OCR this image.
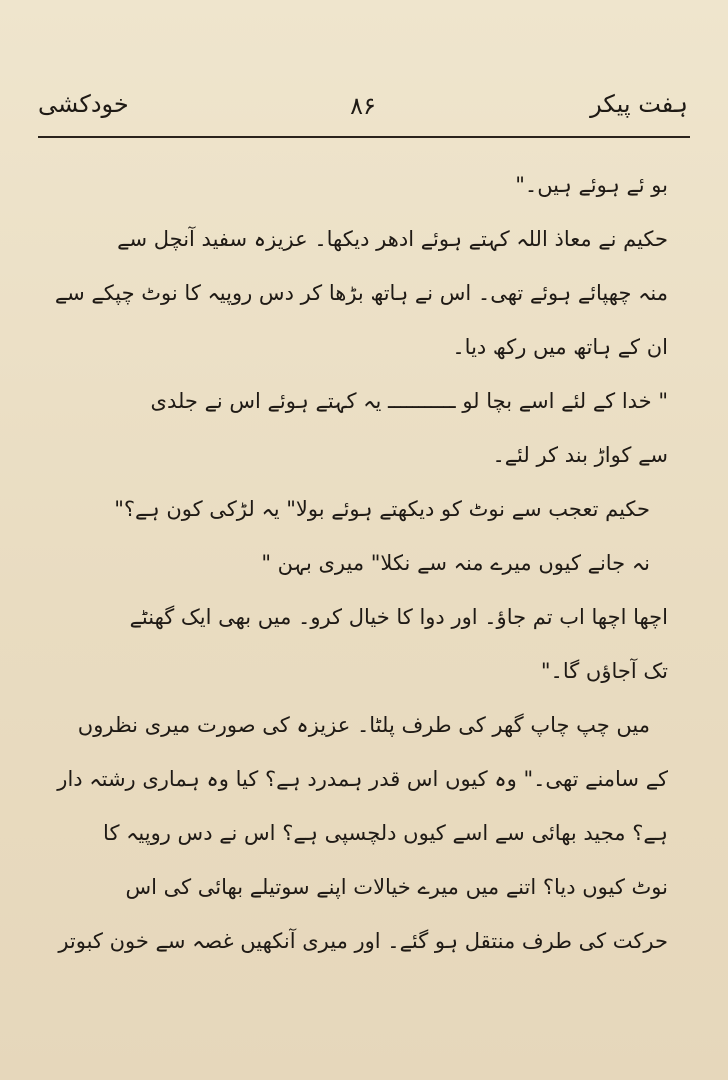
خودکشی	۸۶	ہفت پیکر
بو ئے ہوئے ہیں۔"
حکیم نے معاذ اللہ کہتے ہوئے ادھر دیکھا۔ عزیزہ سفید آنچل سے
منہ چھپائے ہوئے تھی۔ اس نے ہاتھ بڑھا کر دس روپیہ کا نوٹ چپکے سے
ان کے ہاتھ میں رکھ دیا۔
" خدا کے لئے اسے بچا لو ـــــــــــ یہ کہتے ہوئے اس نے جلدی
سے کواڑ بند کر لئے۔
حکیم تعجب سے نوٹ کو دیکھتے ہوئے بولا" یہ لڑکی کون ہے؟"
نہ جانے کیوں میرے منہ سے نکلا" میری بہن "
اچھا اچھا اب تم جاؤ۔ اور دوا کا خیال کرو۔ میں بھی ایک گھنٹے
تک آجاؤں گا۔"
میں چپ چاپ گھر کی طرف پلٹا۔ عزیزہ کی صورت میری نظروں
کے سامنے تھی۔" وہ کیوں اس قدر ہمدرد ہے؟ کیا وہ ہماری رشتہ دار
ہے؟ مجید بھائی سے اسے کیوں دلچسپی ہے؟ اس نے دس روپیہ کا
نوٹ کیوں دیا؟ اتنے میں میرے خیالات اپنے سوتیلے بھائی کی اس
حرکت کی طرف منتقل ہو گئے۔ اور میری آنکھیں غصہ سے خون کبوتر
